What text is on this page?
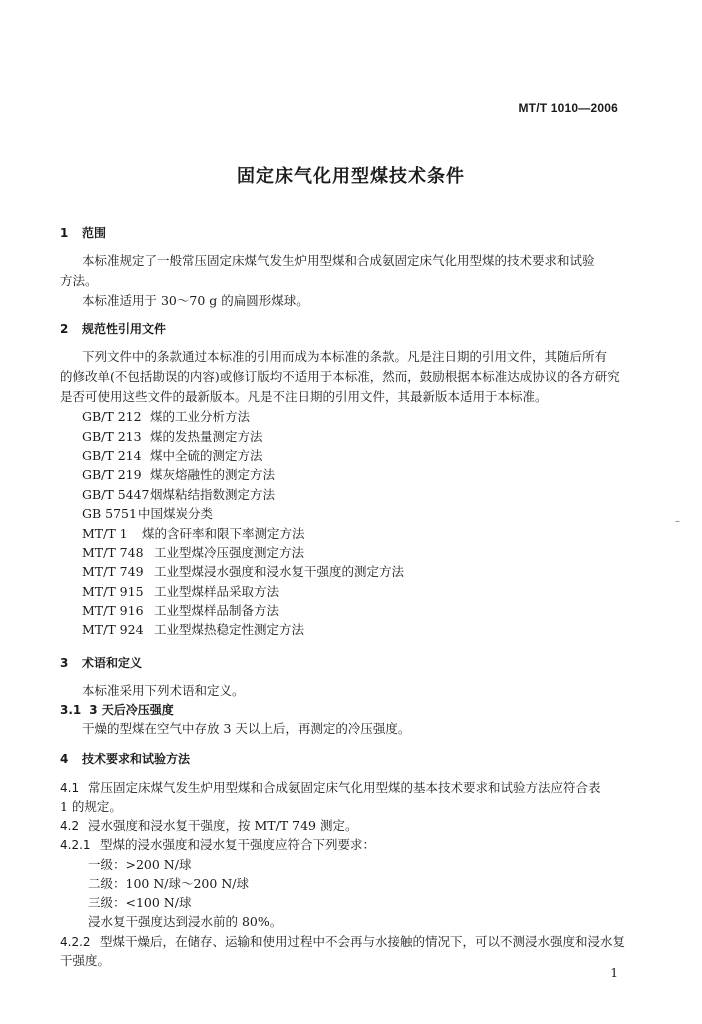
MT/T 1010—2006
固定床气化用型煤技术条件
1 范围
本标准规定了一般常压固定床煤气发生炉用型煤和合成氨固定床气化用型煤的技术要求和试验
方法。
本标准适用于 30～70 g 的扁圆形煤球。
2 规范性引用文件
下列文件中的条款通过本标准的引用而成为本标准的条款。凡是注日期的引用文件，其随后所有
的修改单(不包括勘误的内容)或修订版均不适用于本标准，然而，鼓励根据本标准达成协议的各方研究
是否可使用这些文件的最新版本。凡是不注日期的引用文件，其最新版本适用于本标准。
GB/T 212 煤的工业分析方法
GB/T 213 煤的发热量测定方法
GB/T 214 煤中全硫的测定方法
GB/T 219 煤灰熔融性的测定方法
GB/T 5447烟煤粘结指数测定方法
GB 5751中国煤炭分类
MT/T 1 煤的含矸率和限下率测定方法
MT/T 748 工业型煤冷压强度测定方法
MT/T 749 工业型煤浸水强度和浸水复干强度的测定方法
MT/T 915 工业型煤样品采取方法
MT/T 916 工业型煤样品制备方法
MT/T 924 工业型煤热稳定性测定方法
3 术语和定义
本标准采用下列术语和定义。
3.1 3 天后冷压强度
干燥的型煤在空气中存放 3 天以上后，再测定的冷压强度。
4 技术要求和试验方法
4.1 常压固定床煤气发生炉用型煤和合成氨固定床气化用型煤的基本技术要求和试验方法应符合表
1 的规定。
4.2 浸水强度和浸水复干强度，按 MT/T 749 测定。
4.2.1 型煤的浸水强度和浸水复干强度应符合下列要求：
一级：>200 N/球
二级：100 N/球～200 N/球
三级：<100 N/球
浸水复干强度达到浸水前的 80%。
4.2.2 型煤干燥后，在储存、运输和使用过程中不会再与水接触的情况下，可以不测浸水强度和浸水复
干强度。
–
1
